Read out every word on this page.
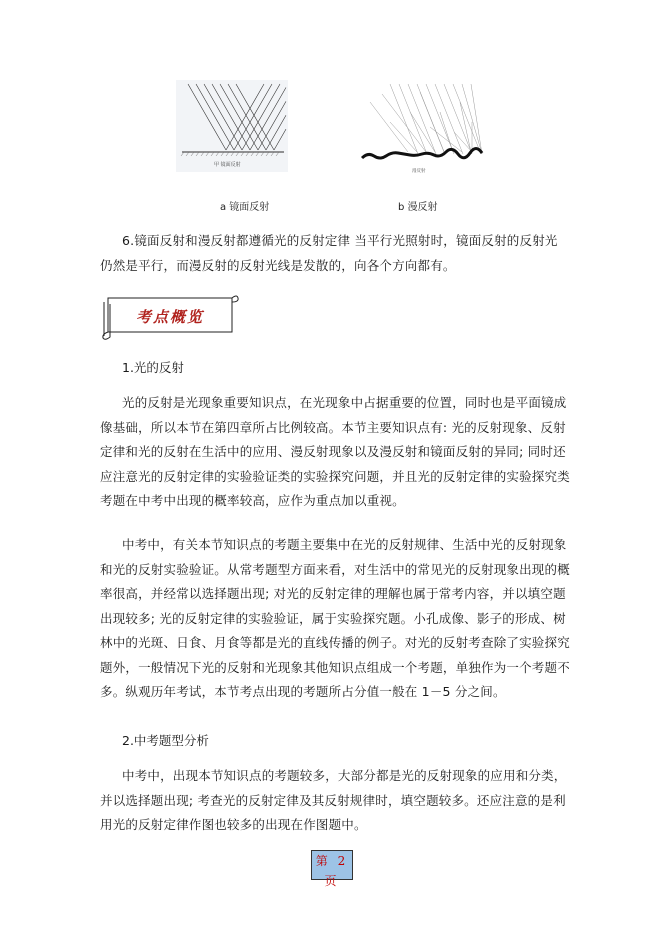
甲 镜面反射
a 镜面反射
漫反射
b 漫反射

6.镜面反射和漫反射都遵循光的反射定律 当平行光照射时，镜面反射的反射光仍然是平行，而漫反射的反射光线是发散的，向各个方向都有。

考点概览
1.光的反射

光的反射是光现象重要知识点，在光现象中占据重要的位置，同时也是平面镜成像基础，所以本节在第四章所占比例较高。本节主要知识点有: 光的反射现象、反射定律和光的反射在生活中的应用、漫反射现象以及漫反射和镜面反射的异同; 同时还应注意光的反射定律的实验验证类的实验探究问题，并且光的反射定律的实验探究类考题在中考中出现的概率较高，应作为重点加以重视。

中考中，有关本节知识点的考题主要集中在光的反射规律、生活中光的反射现象和光的反射实验验证。从常考题型方面来看，对生活中的常见光的反射现象出现的概率很高，并经常以选择题出现; 对光的反射定律的理解也属于常考内容，并以填空题出现较多; 光的反射定律的实验验证，属于实验探究题。小孔成像、影子的形成、树林中的光斑、日食、月食等都是光的直线传播的例子。对光的反射考查除了实验探究题外，一般情况下光的反射和光现象其他知识点组成一个考题，单独作为一个考题不多。纵观历年考试，本节考点出现的考题所占分值一般在 1－5 分之间。

2.中考题型分析

中考中，出现本节知识点的考题较多，大部分都是光的反射现象的应用和分类，并以选择题出现; 考查光的反射定律及其反射规律时，填空题较多。还应注意的是利用光的反射定律作图也较多的出现在作图题中。

第 2 页
